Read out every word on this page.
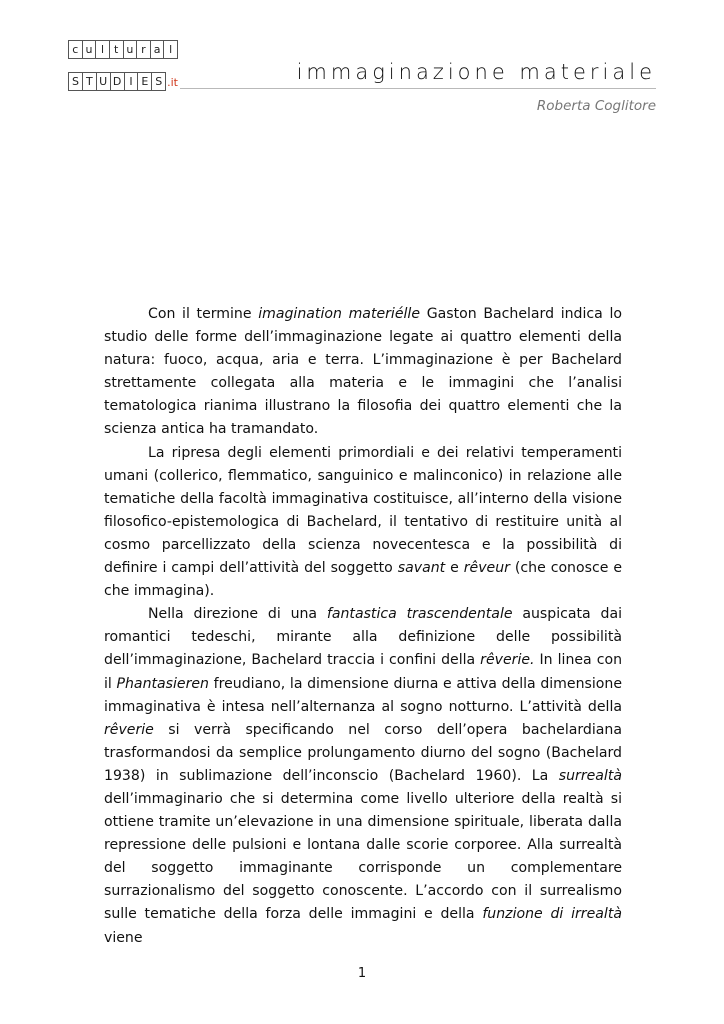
c u l t u r a l
S T U D I E S .it	immaginazione materiale
Roberta Coglitore

Con il termine imagination materiélle Gaston Bachelard indica lo studio delle forme dell’immaginazione legate ai quattro elementi della natura: fuoco, acqua, aria e terra. L’immaginazione è per Bachelard strettamente collegata alla materia e le immagini che l’analisi tematologica rianima illustrano la filosofia dei quattro elementi che la scienza antica ha tramandato.

La ripresa degli elementi primordiali e dei relativi temperamenti umani (collerico, flemmatico, sanguinico e malinconico) in relazione alle tematiche della facoltà immaginativa costituisce, all’interno della visione filosofico-epistemologica di Bachelard, il tentativo di restituire unità al cosmo parcellizzato della scienza novecentesca e la possibilità di definire i campi dell’attività del soggetto savant e rêveur (che conosce e che immagina).

Nella direzione di una fantastica trascendentale auspicata dai romantici tedeschi, mirante alla definizione delle possibilità dell’immaginazione, Bachelard traccia i confini della rêverie. In linea con il Phantasieren freudiano, la dimensione diurna e attiva della dimensione immaginativa è intesa nell’alternanza al sogno notturno. L’attività della rêverie si verrà specificando nel corso dell’opera bachelardiana trasformandosi da semplice prolungamento diurno del sogno (Bachelard 1938) in sublimazione dell’inconscio (Bachelard 1960). La surrealtà dell’immaginario che si determina come livello ulteriore della realtà si ottiene tramite un’elevazione in una dimensione spirituale, liberata dalla repressione delle pulsioni e lontana dalle scorie corporee. Alla surrealtà del soggetto immaginante corrisponde un complementare surrazionalismo del soggetto conoscente. L’accordo con il surrealismo sulle tematiche della forza delle immagini e della funzione di irrealtà viene

1
